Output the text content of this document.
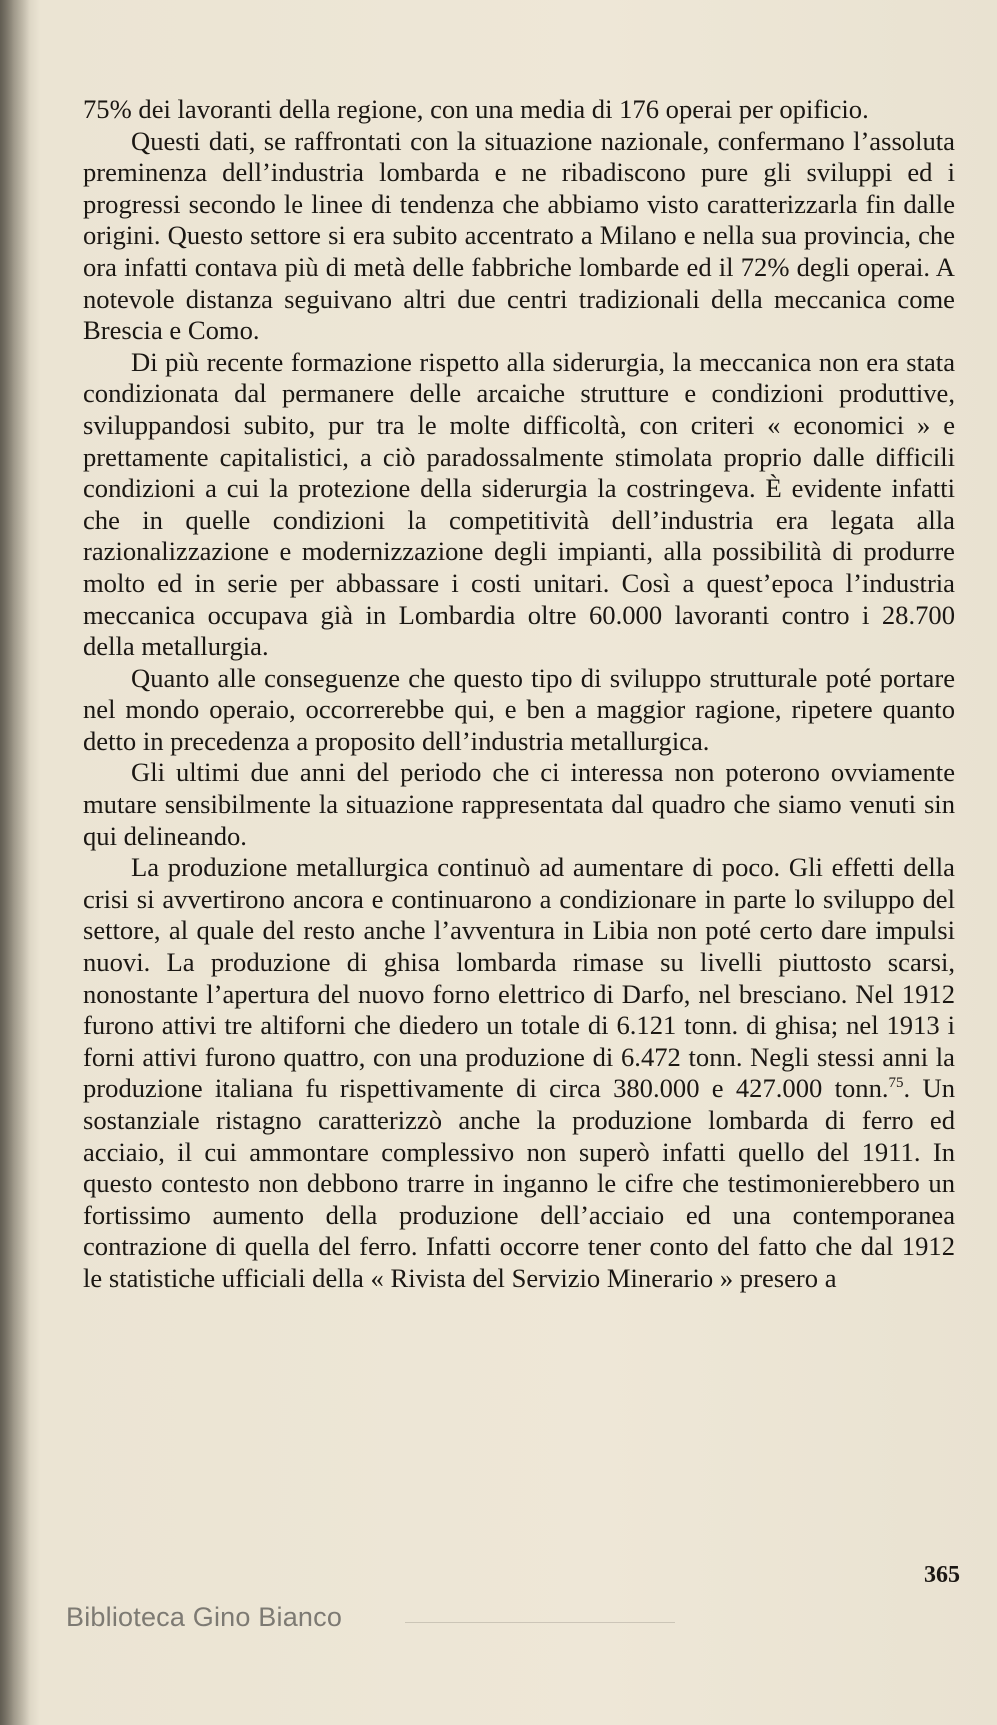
75% dei lavoranti della regione, con una media di 176 operai per opificio.

Questi dati, se raffrontati con la situazione nazionale, confermano l’assoluta preminenza dell’industria lombarda e ne ribadiscono pure gli sviluppi ed i progressi secondo le linee di tendenza che abbiamo visto caratterizzarla fin dalle origini. Questo settore si era subito accentrato a Milano e nella sua provincia, che ora infatti contava più di metà delle fabbriche lombarde ed il 72% degli operai. A notevole distanza seguivano altri due centri tradizionali della meccanica come Brescia e Como.

Di più recente formazione rispetto alla siderurgia, la meccanica non era stata condizionata dal permanere delle arcaiche strutture e condizioni produttive, sviluppandosi subito, pur tra le molte difficoltà, con criteri « economici » e prettamente capitalistici, a ciò paradossalmente stimolata proprio dalle difficili condizioni a cui la protezione della siderurgia la costringeva. È evidente infatti che in quelle condizioni la competitività dell’industria era legata alla razionalizzazione e modernizzazione degli impianti, alla possibilità di produrre molto ed in serie per abbassare i costi unitari. Così a quest’epoca l’industria meccanica occupava già in Lombardia oltre 60.000 lavoranti contro i 28.700 della metallurgia.

Quanto alle conseguenze che questo tipo di sviluppo strutturale poté portare nel mondo operaio, occorrerebbe qui, e ben a maggior ragione, ripetere quanto detto in precedenza a proposito dell’industria metallurgica.

Gli ultimi due anni del periodo che ci interessa non poterono ovviamente mutare sensibilmente la situazione rappresentata dal quadro che siamo venuti sin qui delineando.

La produzione metallurgica continuò ad aumentare di poco. Gli effetti della crisi si avvertirono ancora e continuarono a condizionare in parte lo sviluppo del settore, al quale del resto anche l’avventura in Libia non poté certo dare impulsi nuovi. La produzione di ghisa lombarda rimase su livelli piuttosto scarsi, nonostante l’apertura del nuovo forno elettrico di Darfo, nel bresciano. Nel 1912 furono attivi tre altiforni che diedero un totale di 6.121 tonn. di ghisa; nel 1913 i forni attivi furono quattro, con una produzione di 6.472 tonn. Negli stessi anni la produzione italiana fu rispettivamente di circa 380.000 e 427.000 tonn.$^{75}$. Un sostanziale ristagno caratterizzò anche la produzione lombarda di ferro ed acciaio, il cui ammontare complessivo non superò infatti quello del 1911. In questo contesto non debbono trarre in inganno le cifre che testimonierebbero un fortissimo aumento della produzione dell’acciaio ed una contemporanea contrazione di quella del ferro. Infatti occorre tener conto del fatto che dal 1912 le statistiche ufficiali della « Rivista del Servizio Minerario » presero a

365
Biblioteca Gino Bianco
